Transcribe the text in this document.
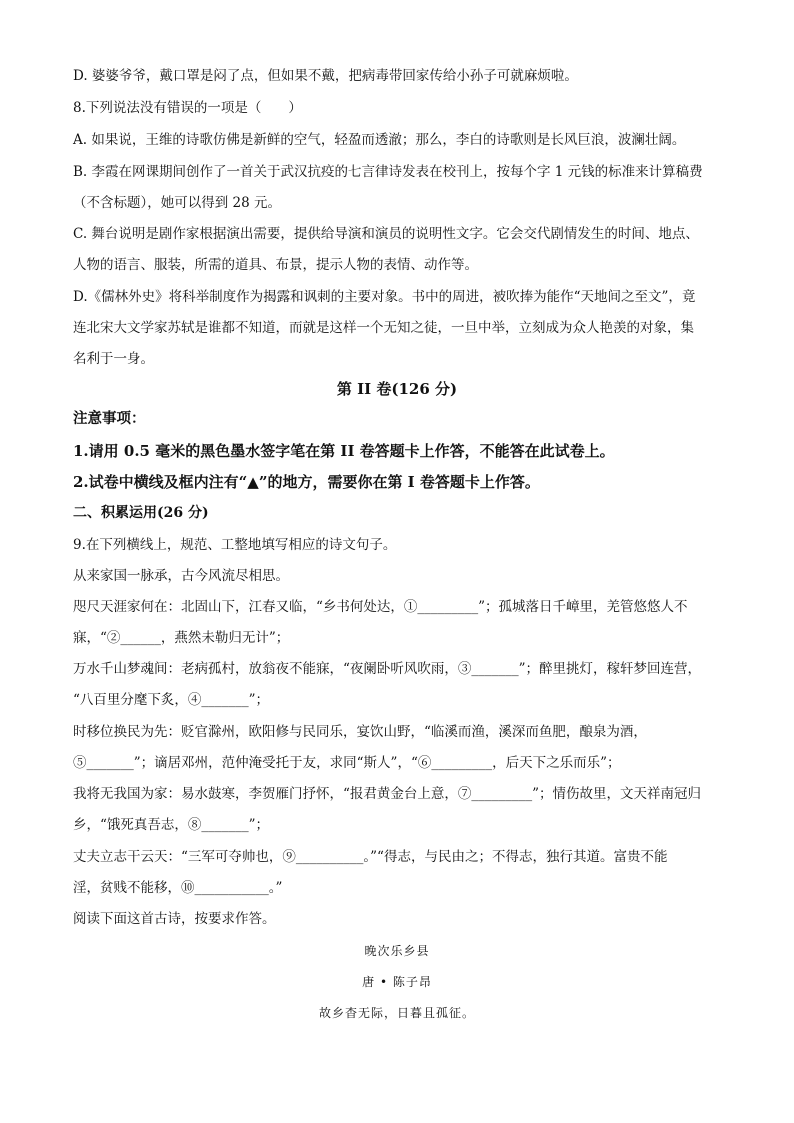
D. 婆婆爷爷，戴口罩是闷了点，但如果不戴，把病毒带回家传给小孙子可就麻烦啦。
8.下列说法没有错误的一项是（　　）
A. 如果说，王维的诗歌仿佛是新鲜的空气，轻盈而透澈；那么，李白的诗歌则是长风巨浪，波澜壮阔。
B. 李霞在网课期间创作了一首关于武汉抗疫的七言律诗发表在校刊上，按每个字 1 元钱的标准来计算稿费
（不含标题），她可以得到 28 元。
C. 舞台说明是剧作家根据演出需要，提供给导演和演员的说明性文字。它会交代剧情发生的时间、地点、
人物的语言、服装，所需的道具、布景，提示人物的表情、动作等。
D.《儒林外史》将科举制度作为揭露和讽刺的主要对象。书中的周进，被吹捧为能作“天地间之至文”，竟
连北宋大文学家苏轼是谁都不知道，而就是这样一个无知之徒，一旦中举，立刻成为众人艳羡的对象，集
名利于一身。
第 II 卷(126 分)
注意事项：
1.请用 0.5 毫米的黑色墨水签字笔在第 II 卷答题卡上作答，不能答在此试卷上。
2.试卷中横线及框内注有“▲”的地方，需要你在第 I 卷答题卡上作答。
二、积累运用(26 分)
9.在下列横线上，规范、工整地填写相应的诗文句子。
从来家国一脉承，古今风流尽相思。
咫尺天涯家何在：北固山下，江春又临，“乡书何处达，①_________”；孤城落日千嶂里，羌管悠悠人不
寐，“②______，燕然未勒归无计”；
万水千山梦魂间：老病孤村，放翁夜不能寐，“夜阑卧听风吹雨，③_______”；醉里挑灯，稼轩梦回连营，
“八百里分麾下炙，④_______”；
时移位换民为先：贬官滁州，欧阳修与民同乐，宴饮山野，“临溪而渔，溪深而鱼肥，酿泉为酒，
⑤_______”；谪居邓州，范仲淹受托于友，求同“斯人”，“⑥_________，后天下之乐而乐”；
我将无我国为家：易水鼓寒，李贺雁门抒怀，“报君黄金台上意，⑦_________”；情伤故里，文天祥南冠归
乡，“饿死真吾志，⑧_______”；
丈夫立志干云天：“三军可夺帅也，⑨__________。”“得志，与民由之；不得志，独行其道。富贵不能
淫，贫贱不能移，⑩___________。”
阅读下面这首古诗，按要求作答。
晚次乐乡县
唐 • 陈子昂
故乡杳无际，日暮且孤征。
